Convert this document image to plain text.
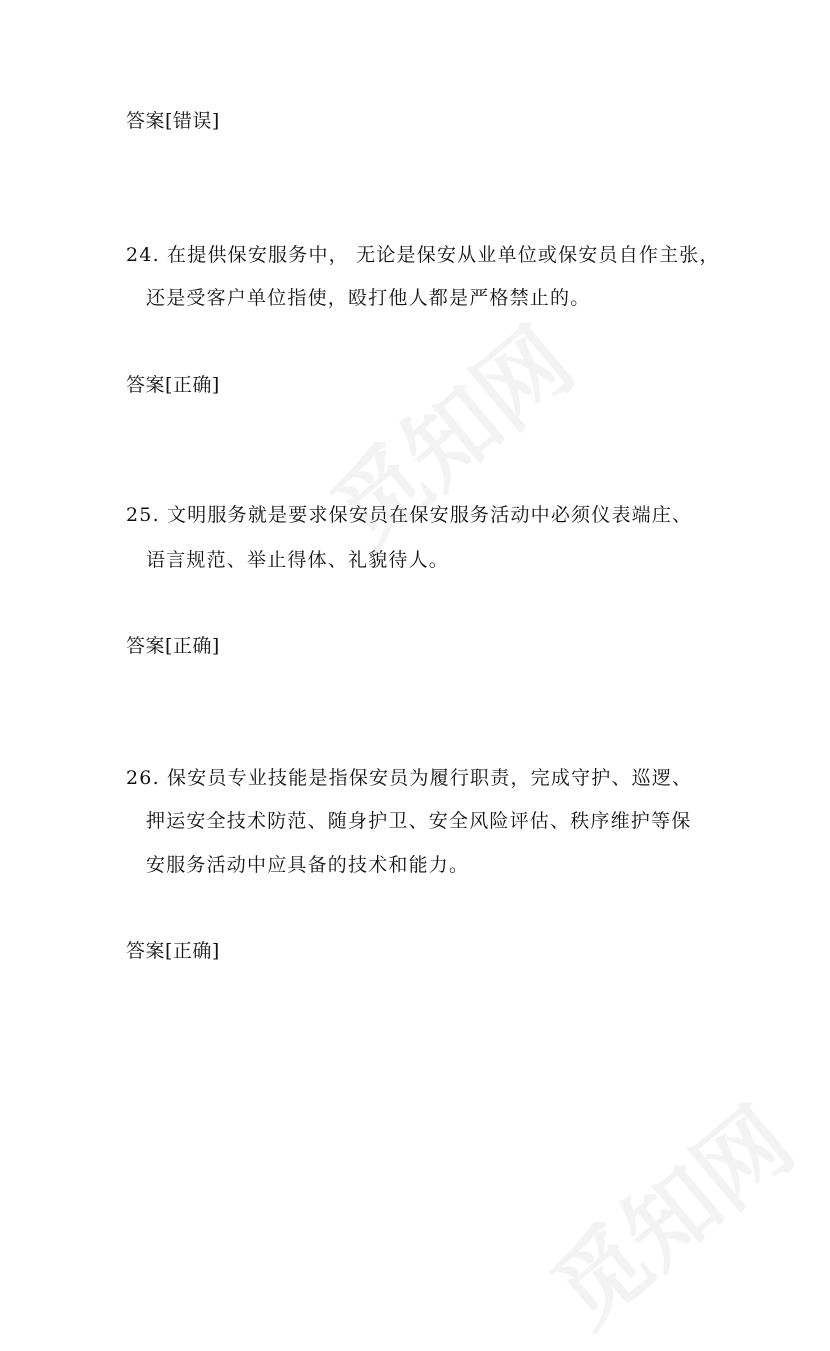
答案[错误]
24. 在提供保安服务中， 无论是保安从业单位或保安员自作主张，
还是受客户单位指使，殴打他人都是严格禁止的。
答案[正确]
25. 文明服务就是要求保安员在保安服务活动中必须仪表端庄、
语言规范、举止得体、礼貌待人。
答案[正确]
26. 保安员专业技能是指保安员为履行职责，完成守护、巡逻、
押运安全技术防范、随身护卫、安全风险评估、秩序维护等保
安服务活动中应具备的技术和能力。
答案[正确]
